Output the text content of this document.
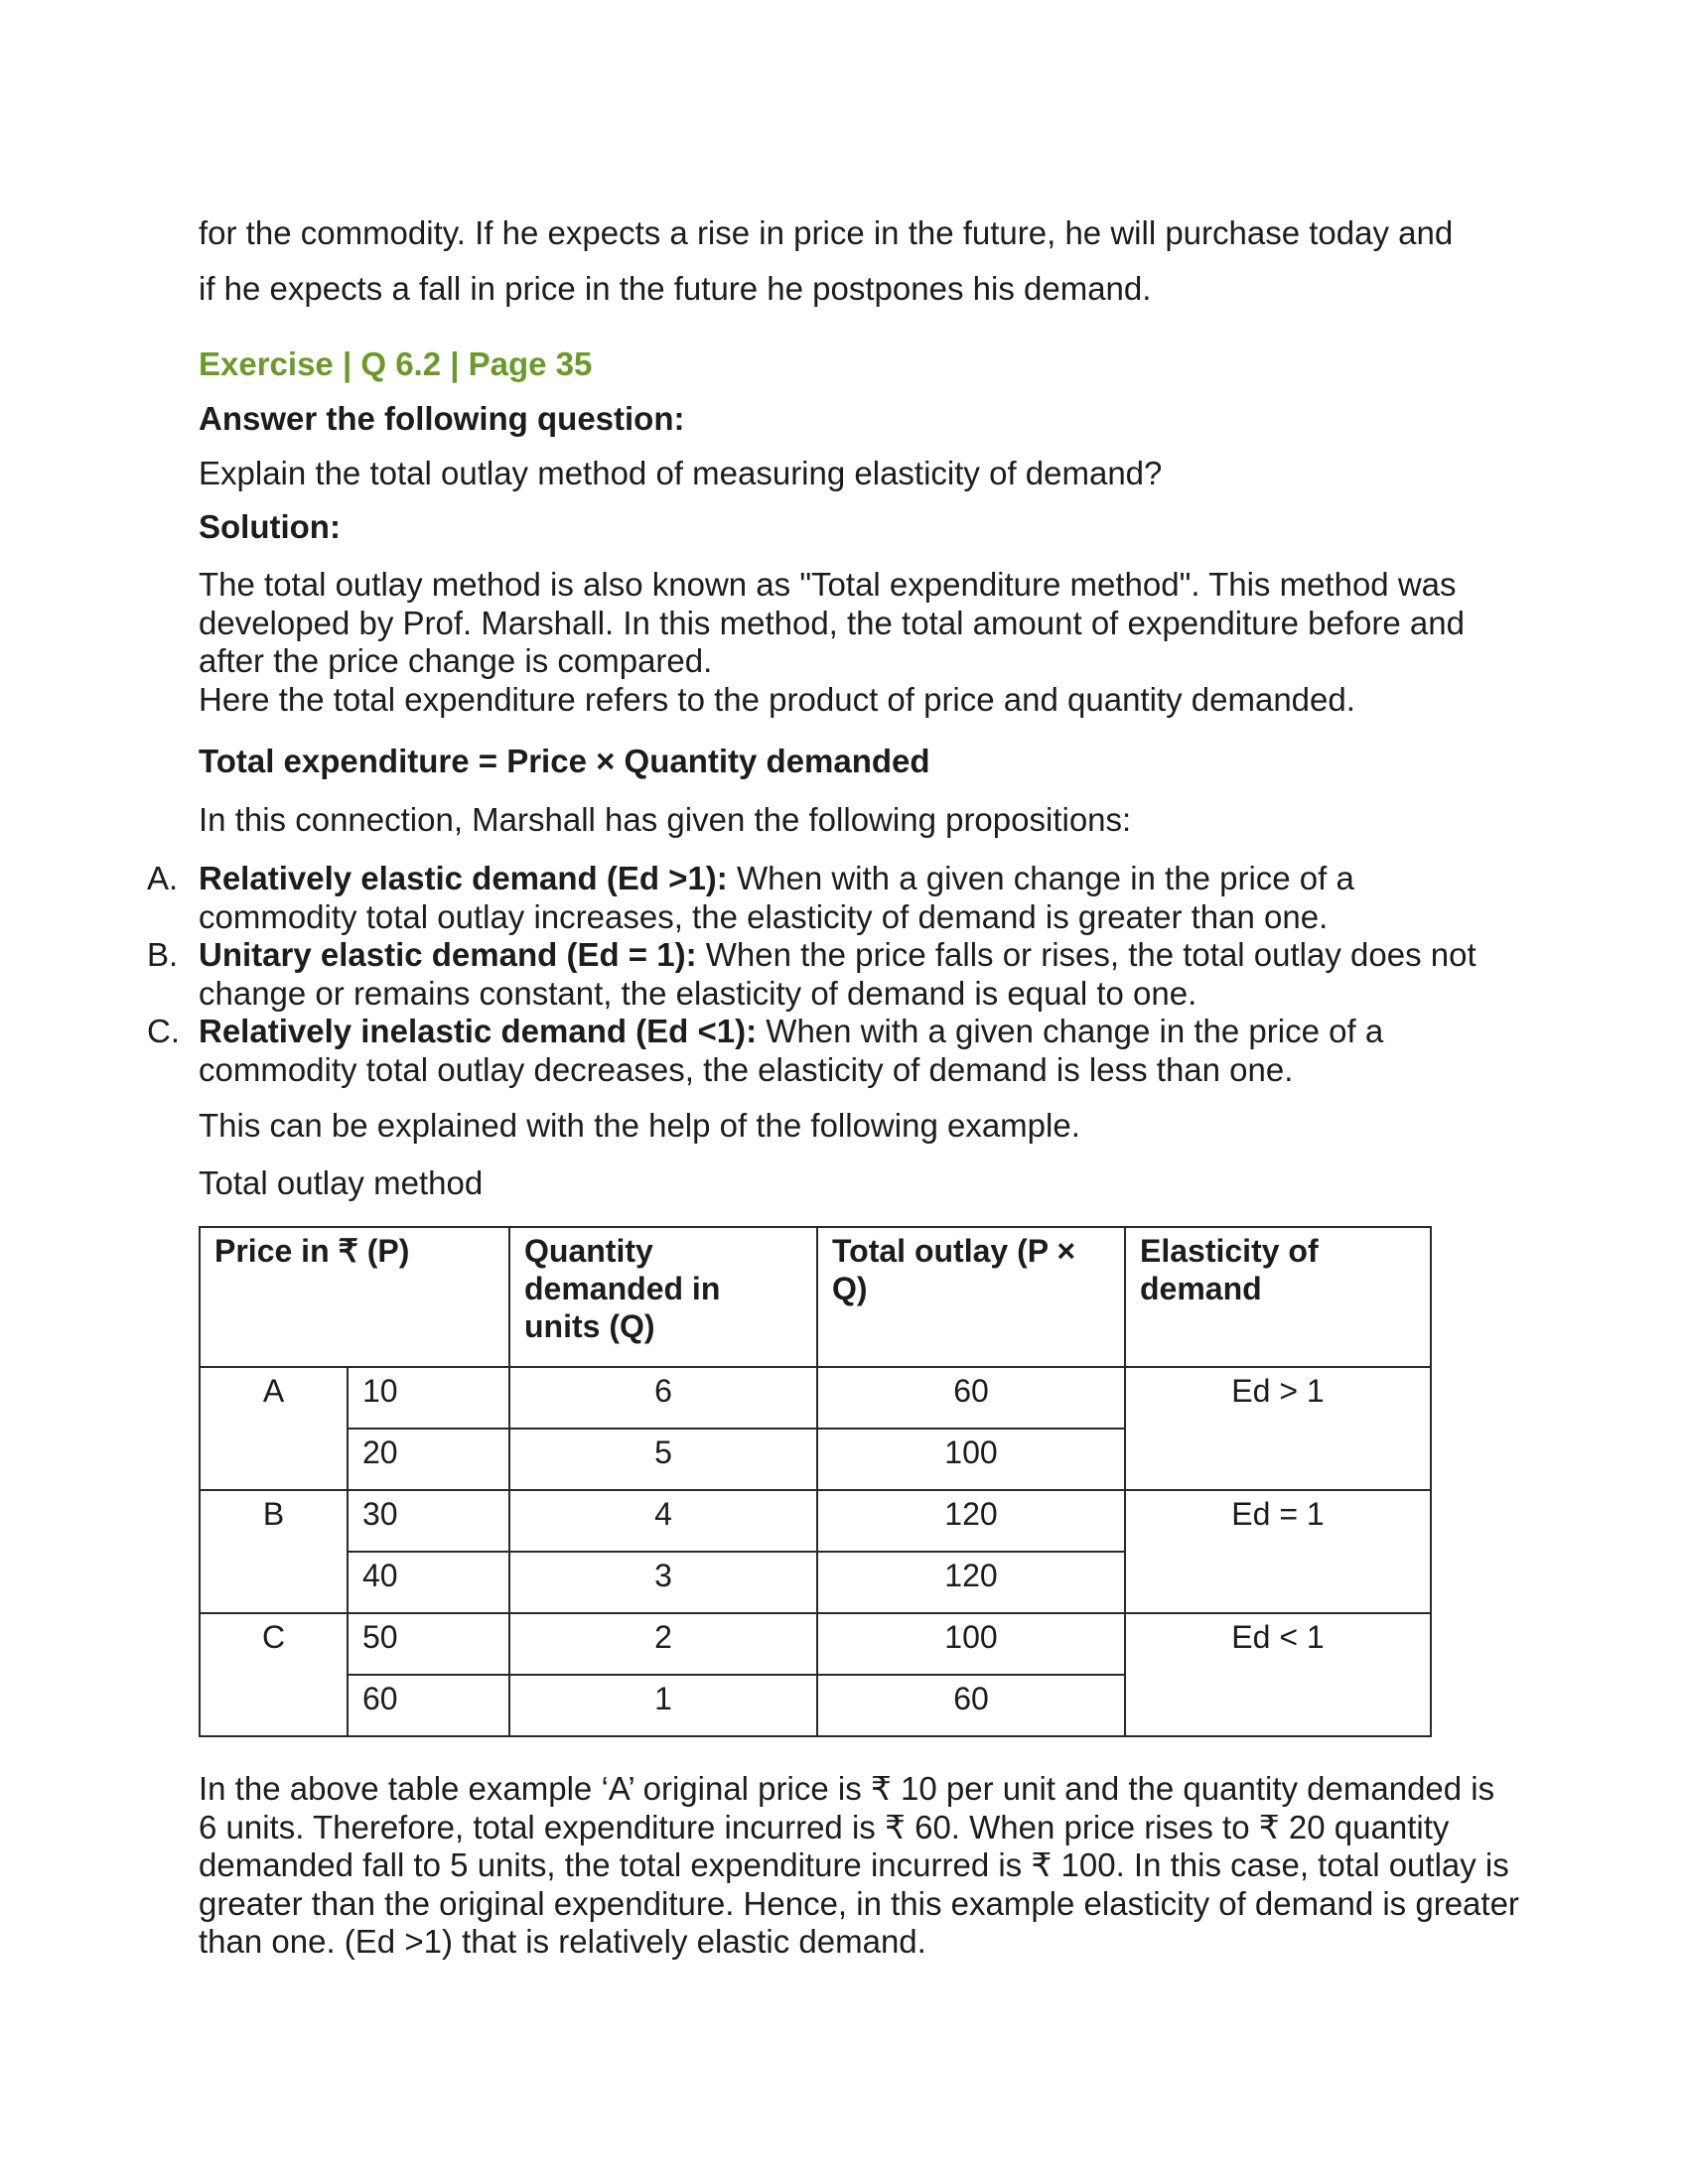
for the commodity. If he expects a rise in price in the future, he will purchase today and
if he expects a fall in price in the future he postpones his demand.
Exercise | Q 6.2 | Page 35
Answer the following question:
Explain the total outlay method of measuring elasticity of demand?
Solution:
The total outlay method is also known as "Total expenditure method". This method was developed by Prof. Marshall. In this method, the total amount of expenditure before and after the price change is compared.
Here the total expenditure refers to the product of price and quantity demanded.
Total expenditure = Price × Quantity demanded
In this connection, Marshall has given the following propositions:
A. Relatively elastic demand (Ed >1): When with a given change in the price of a commodity total outlay increases, the elasticity of demand is greater than one.
B. Unitary elastic demand (Ed = 1): When the price falls or rises, the total outlay does not change or remains constant, the elasticity of demand is equal to one.
C. Relatively inelastic demand (Ed <1): When with a given change in the price of a commodity total outlay decreases, the elasticity of demand is less than one.
This can be explained with the help of the following example.
Total outlay method
Price in ₹ (P)		Quantity demanded in units (Q)	Total outlay (P × Q)	Elasticity of demand
A	10	6	60	Ed > 1
	20	5	100	
B	30	4	120	Ed = 1
	40	3	120	
C	50	2	100	Ed < 1
	60	1	60	
In the above table example ‘A’ original price is ₹ 10 per unit and the quantity demanded is 6 units. Therefore, total expenditure incurred is ₹ 60. When price rises to ₹ 20 quantity demanded fall to 5 units, the total expenditure incurred is ₹ 100. In this case, total outlay is greater than the original expenditure. Hence, in this example elasticity of demand is greater than one. (Ed >1) that is relatively elastic demand.
